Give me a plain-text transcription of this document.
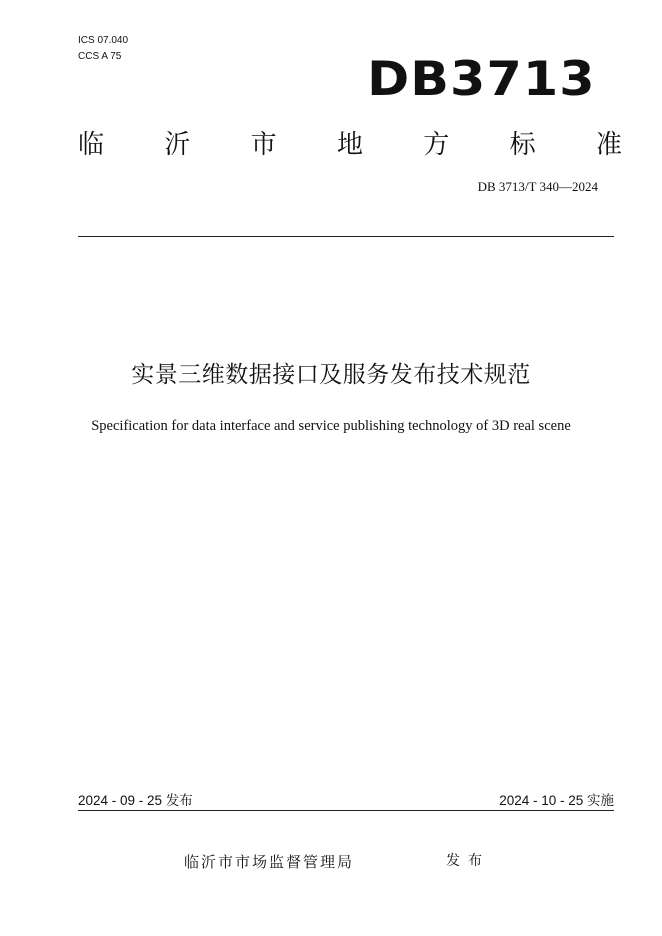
ICS 07.040
CCS A 75	DB3713
临 沂 市 地 方 标 准
DB 3713/T 340—2024
实景三维数据接口及服务发布技术规范
Specification for data interface and service publishing technology of 3D real scene
2024 - 09 - 25 发布	2024 - 10 - 25 实施
临沂市市场监督管理局	发布
